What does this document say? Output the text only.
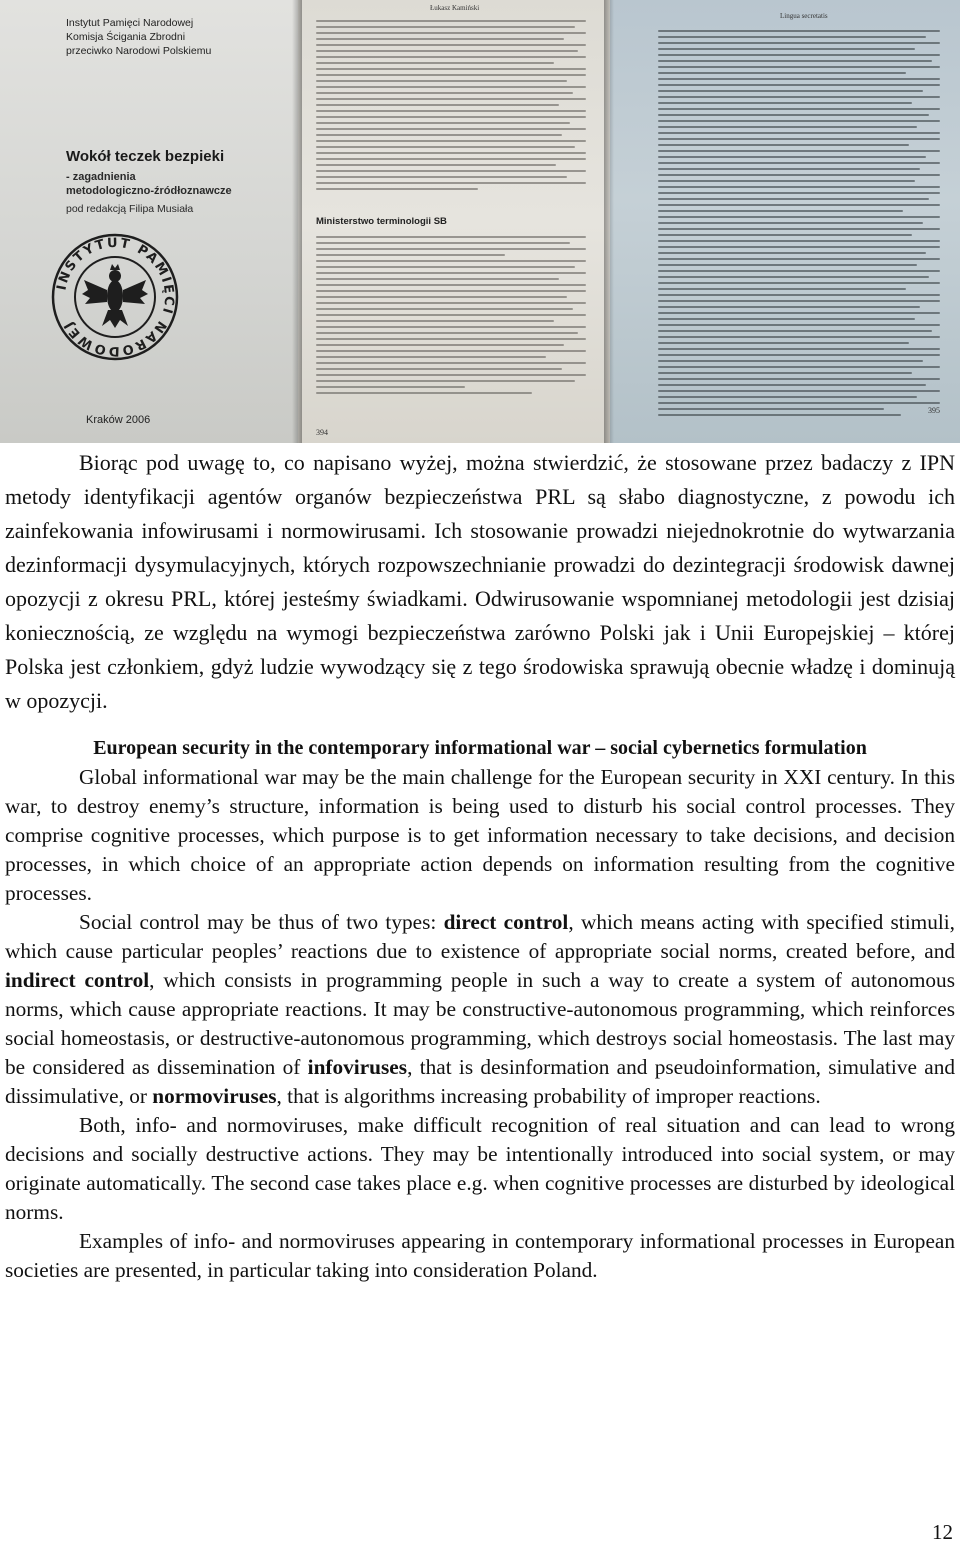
Instytut Pamięci Narodowej
Komisja Ścigania Zbrodni
przeciwko Narodowi Polskiemu
Wokół teczek bezpieki
- zagadnienia
metodologiczno-źródłoznawcze
pod redakcją Filipa Musiała
INSTYTUT PAMIĘCI NARODOWEJ
Kraków 2006
Łukasz Kamiński
Ministerstwo terminologii SB
394
Lingua secretatis
395

Biorąc pod uwagę to, co napisano wyżej, można stwierdzić, że stosowane przez badaczy z IPN metody identyfikacji agentów organów bezpieczeństwa PRL są słabo diagnostyczne, z powodu ich zainfekowania infowirusami i normowirusami. Ich stosowanie prowadzi niejednokrotnie do wytwarzania dezinformacji dysymulacyjnych, których rozpowszechnianie prowadzi do dezintegracji środowisk dawnej opozycji z okresu PRL, której jesteśmy świadkami. Odwirusowanie wspomnianej metodologii jest dzisiaj koniecznością, ze względu na wymogi bezpieczeństwa zarówno Polski jak i Unii Europejskiej – której Polska jest członkiem, gdyż ludzie wywodzący się z tego środowiska sprawują obecnie władzę i dominują w opozycji.

European security in the contemporary informational war – social cybernetics formulation

Global informational war may be the main challenge for the European security in XXI century. In this war, to destroy enemy’s structure, information is being used to disturb his social control processes. They comprise cognitive processes, which purpose is to get information necessary to take decisions, and decision processes, in which choice of an appropriate action depends on information resulting from the cognitive processes.

Social control may be thus of two types: direct control, which means acting with specified stimuli, which cause particular peoples’ reactions due to existence of appropriate social norms, created before, and indirect control, which consists in programming people in such a way to create a system of autonomous norms, which cause appropriate reactions. It may be constructive-autonomous programming, which reinforces social homeostasis, or destructive-autonomous programming, which destroys social homeostasis. The last may be considered as dissemination of infoviruses, that is desinformation and pseudoinformation, simulative and dissimulative, or normoviruses, that is algorithms increasing probability of improper reactions.

Both, info- and normoviruses, make difficult recognition of real situation and can lead to wrong decisions and socially destructive actions. They may be intentionally introduced into social system, or may originate automatically. The second case takes place e.g. when cognitive processes are disturbed by ideological norms.

Examples of info- and normoviruses appearing in contemporary informational processes in European societies are presented, in particular taking into consideration Poland.

12
